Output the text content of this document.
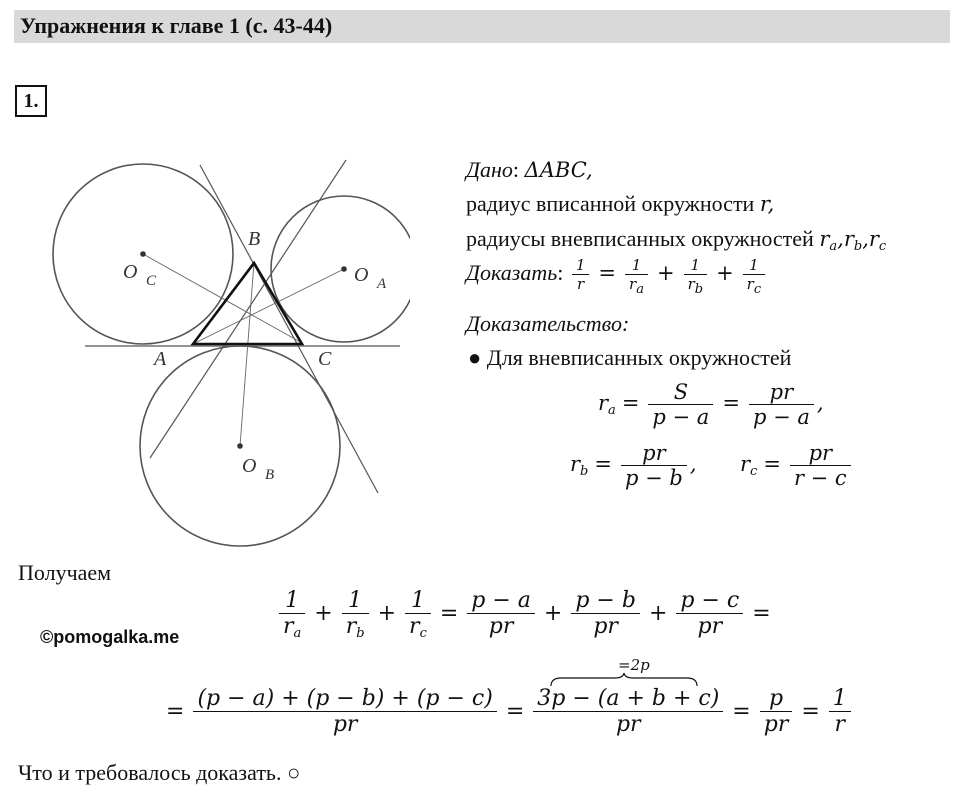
Упражнения к главе 1 (с. 43-44)
1.
B
A	C
O C	O A
O B
Дано: ΔABC,
радиус вписанной окружности r,
радиусы вневписанных окружностей ra,rb,rc
Доказать: $\frac{1}{r} = \frac{1}{ra} + \frac{1}{rb} + \frac{1}{rc}$
Доказательство:
● Для вневписанных окружностей
ra = $\frac{S}{p - a} = \frac{pr}{p - a}$ ,
rb = $\frac{pr}{p - b}$ , rc = $\frac{pr}{r - c}$
Получаем
$\frac{1}{ra} + \frac{1}{rb} + \frac{1}{rc} = \frac{p - a}{pr} + \frac{p - b}{pr} + \frac{p - c}{pr}$ =
©pomogalka.me
=2p
= $\frac{(p - a) + (p - b) + (p - c)}{pr} = \frac{3p - (a + b + c)}{pr} = \frac{p}{pr} = \frac{1}{r}$
Что и требовалось доказать. ○
